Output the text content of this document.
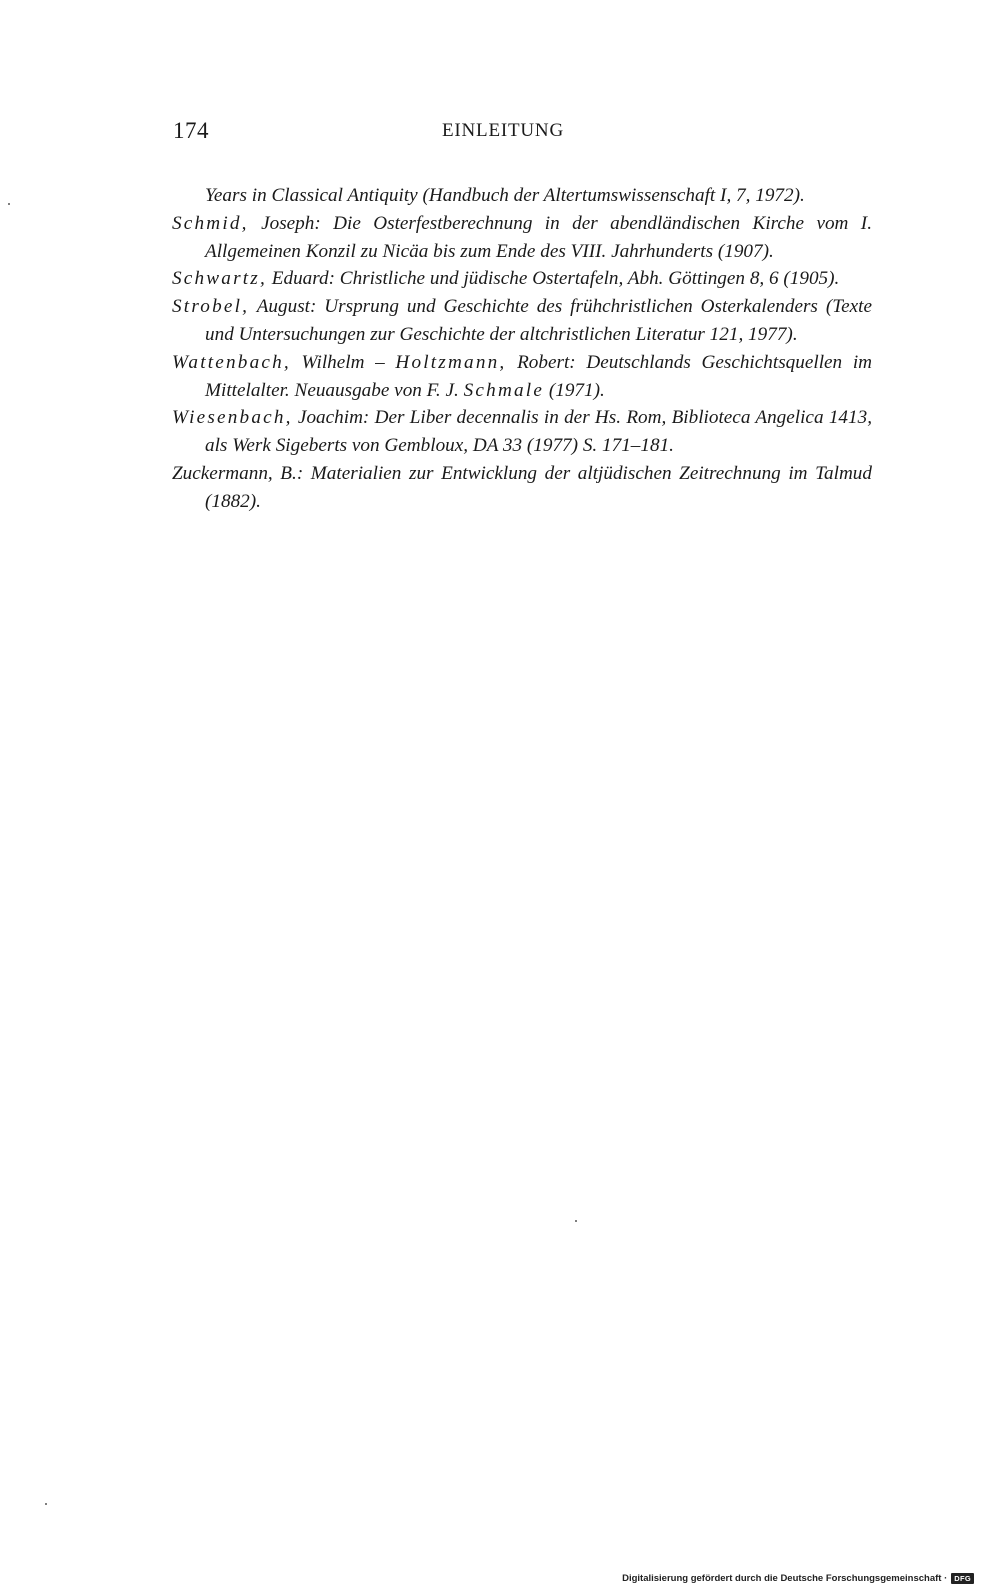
174	EINLEITUNG
Years in Classical Antiquity (Handbuch der Altertumswissenschaft I, 7, 1972).
Schmid, Joseph: Die Osterfestberechnung in der abendländischen Kirche vom I. Allgemeinen Konzil zu Nicäa bis zum Ende des VIII. Jahrhunderts (1907).
Schwartz, Eduard: Christliche und jüdische Ostertafeln, Abh. Göttingen 8, 6 (1905).
Strobel, August: Ursprung und Geschichte des frühchristlichen Osterkalenders (Texte und Untersuchungen zur Geschichte der altchristlichen Literatur 121, 1977).
Wattenbach, Wilhelm – Holtzmann, Robert: Deutschlands Geschichtsquellen im Mittelalter. Neuausgabe von F. J. Schmale (1971).
Wiesenbach, Joachim: Der Liber decennalis in der Hs. Rom, Biblioteca Angelica 1413, als Werk Sigeberts von Gembloux, DA 33 (1977) S. 171–181.
Zuckermann, B.: Materialien zur Entwicklung der altjüdischen Zeitrechnung im Talmud (1882).
Digitalisierung gefördert durch die Deutsche Forschungsgemeinschaft · DFG
